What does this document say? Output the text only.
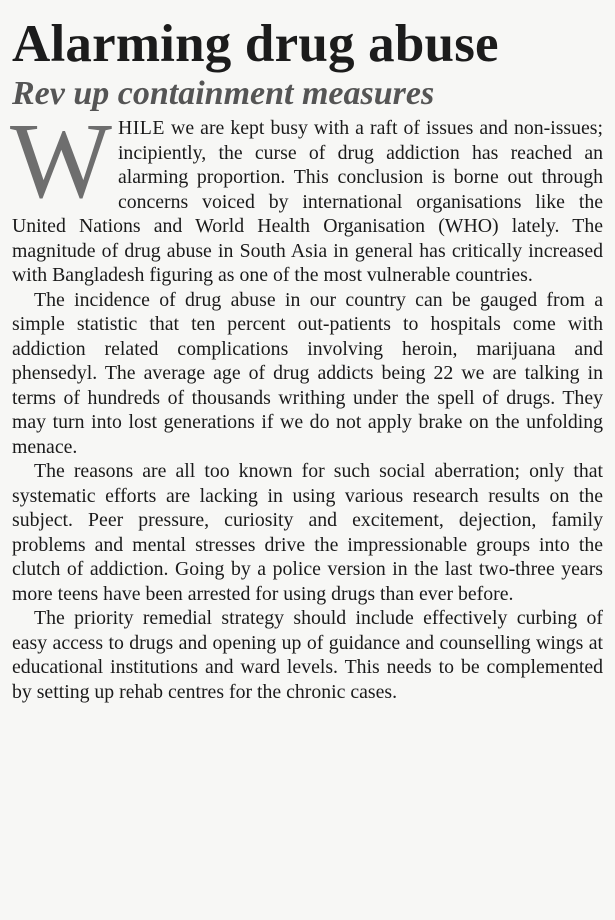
Alarming drug abuse
Rev up containment measures

WHILE we are kept busy with a raft of issues and non-issues; incipiently, the curse of drug addiction has reached an alarming proportion. This conclusion is borne out through concerns voiced by international organisations like the United Nations and World Health Organisation (WHO) lately. The magnitude of drug abuse in South Asia in general has critically increased with Bangladesh figuring as one of the most vulnerable countries.

The incidence of drug abuse in our country can be gauged from a simple statistic that ten percent out-patients to hospitals come with addiction related complications involving heroin, marijuana and phensedyl. The average age of drug addicts being 22 we are talking in terms of hundreds of thousands writhing under the spell of drugs. They may turn into lost generations if we do not apply brake on the unfolding menace.

The reasons are all too known for such social aberration; only that systematic efforts are lacking in using various research results on the subject. Peer pressure, curiosity and excitement, dejection, family problems and mental stresses drive the impressionable groups into the clutch of addiction. Going by a police version in the last two-three years more teens have been arrested for using drugs than ever before.

The priority remedial strategy should include effectively curbing of easy access to drugs and opening up of guidance and counselling wings at educational institutions and ward levels. This needs to be complemented by setting up rehab centres for the chronic cases.
